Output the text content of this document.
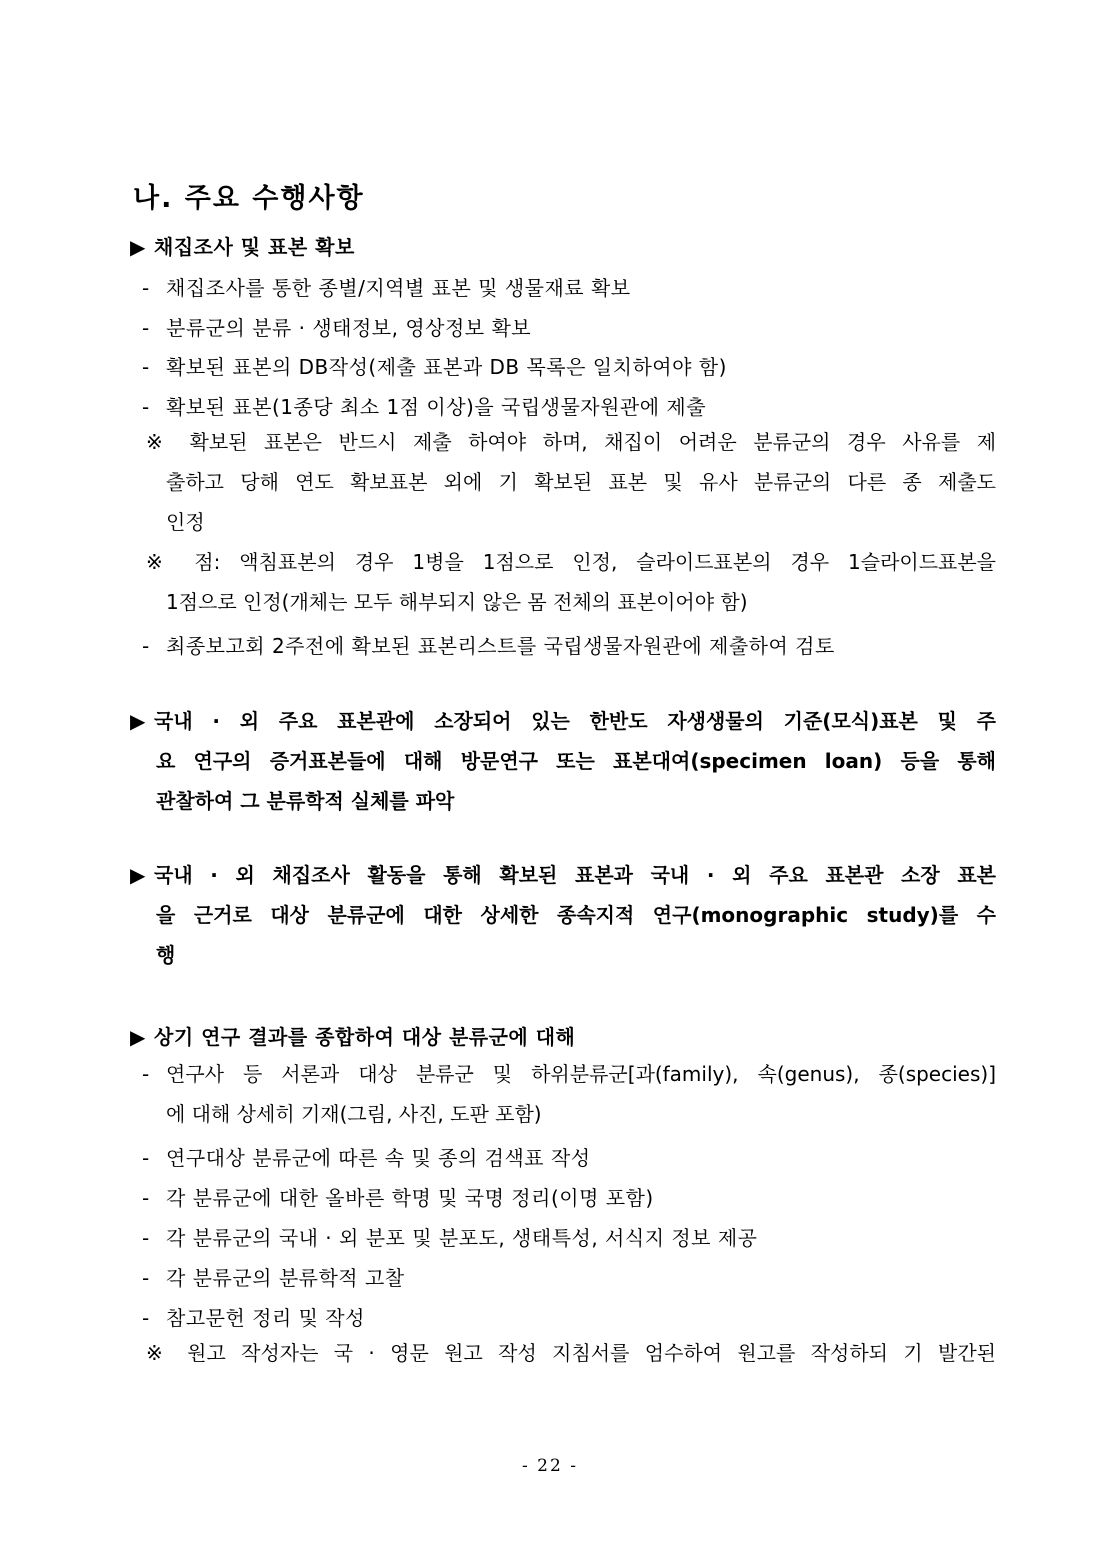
나. 주요 수행사항

▶ 채집조사 및 표본 확보

- 채집조사를 통한 종별/지역별 표본 및 생물재료 확보

- 분류군의 분류 · 생태정보, 영상정보 확보

- 확보된 표본의 DB작성(제출 표본과 DB 목록은 일치하여야 함)

- 확보된 표본(1종당 최소 1점 이상)을 국립생물자원관에 제출

※ 확보된 표본은 반드시 제출 하여야 하며, 채집이 어려운 분류군의 경우 사유를 제
출하고 당해 연도 확보표본 외에 기 확보된 표본 및 유사 분류군의 다른 종 제출도
인정
※ 점: 액침표본의 경우 1병을 1점으로 인정, 슬라이드표본의 경우 1슬라이드표본을
1점으로 인정(개체는 모두 해부되지 않은 몸 전체의 표본이어야 함)

- 최종보고회 2주전에 확보된 표본리스트를 국립생물자원관에 제출하여 검토

▶ 국내 · 외 주요 표본관에 소장되어 있는 한반도 자생생물의 기준(모식)표본 및 주
요 연구의 증거표본들에 대해 방문연구 또는 표본대여(specimen loan) 등을 통해
관찰하여 그 분류학적 실체를 파악
▶ 국내 · 외 채집조사 활동을 통해 확보된 표본과 국내 · 외 주요 표본관 소장 표본
을 근거로 대상 분류군에 대한 상세한 종속지적 연구(monographic study)를 수
행

▶ 상기 연구 결과를 종합하여 대상 분류군에 대해

- 연구사 등 서론과 대상 분류군 및 하위분류군[과(family), 속(genus), 종(species)]
에 대해 상세히 기재(그림, 사진, 도판 포함)

- 연구대상 분류군에 따른 속 및 종의 검색표 작성

- 각 분류군에 대한 올바른 학명 및 국명 정리(이명 포함)

- 각 분류군의 국내 · 외 분포 및 분포도, 생태특성, 서식지 정보 제공

- 각 분류군의 분류학적 고찰

- 참고문헌 정리 및 작성

※ 원고 작성자는 국 · 영문 원고 작성 지침서를 엄수하여 원고를 작성하되 기 발간된
- 22 -
